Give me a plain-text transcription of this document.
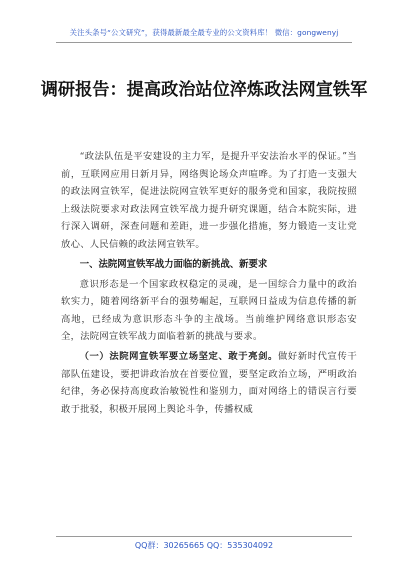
关注头条号“公文研究”，获得最新最全最专业的公文资料库！ 微信：gongwenyj
调研报告：提高政治站位淬炼政法网宣铁军

“政法队伍是平安建设的主力军，是提升平安法治水平的保证。”当前，互联网应用日新月异，网络舆论场众声喧哗。为了打造一支强大的政法网宣铁军，促进法院网宣铁军更好的服务党和国家，我院按照上级法院要求对政法网宣铁军战力提升研究课题，结合本院实际，进行深入调研，深查问题和差距，进一步强化措施，努力锻造一支让党放心、人民信赖的政法网宣铁军。

一、法院网宣铁军战力面临的新挑战、新要求

意识形态是一个国家政权稳定的灵魂，是一国综合力量中的政治软实力，随着网络新平台的强势崛起，互联网日益成为信息传播的新高地，已经成为意识形态斗争的主战场。当前维护网络意识形态安全，法院网宣铁军战力面临着新的挑战与要求。

（一）法院网宣铁军要立场坚定、敢于亮剑。做好新时代宣传干部队伍建设，要把讲政治放在首要位置，要坚定政治立场，严明政治纪律，务必保持高度政治敏锐性和鉴别力，面对网络上的错误言行要敢于批驳，积极开展网上舆论斗争，传播权威

QQ群：30265665 QQ：535304092
